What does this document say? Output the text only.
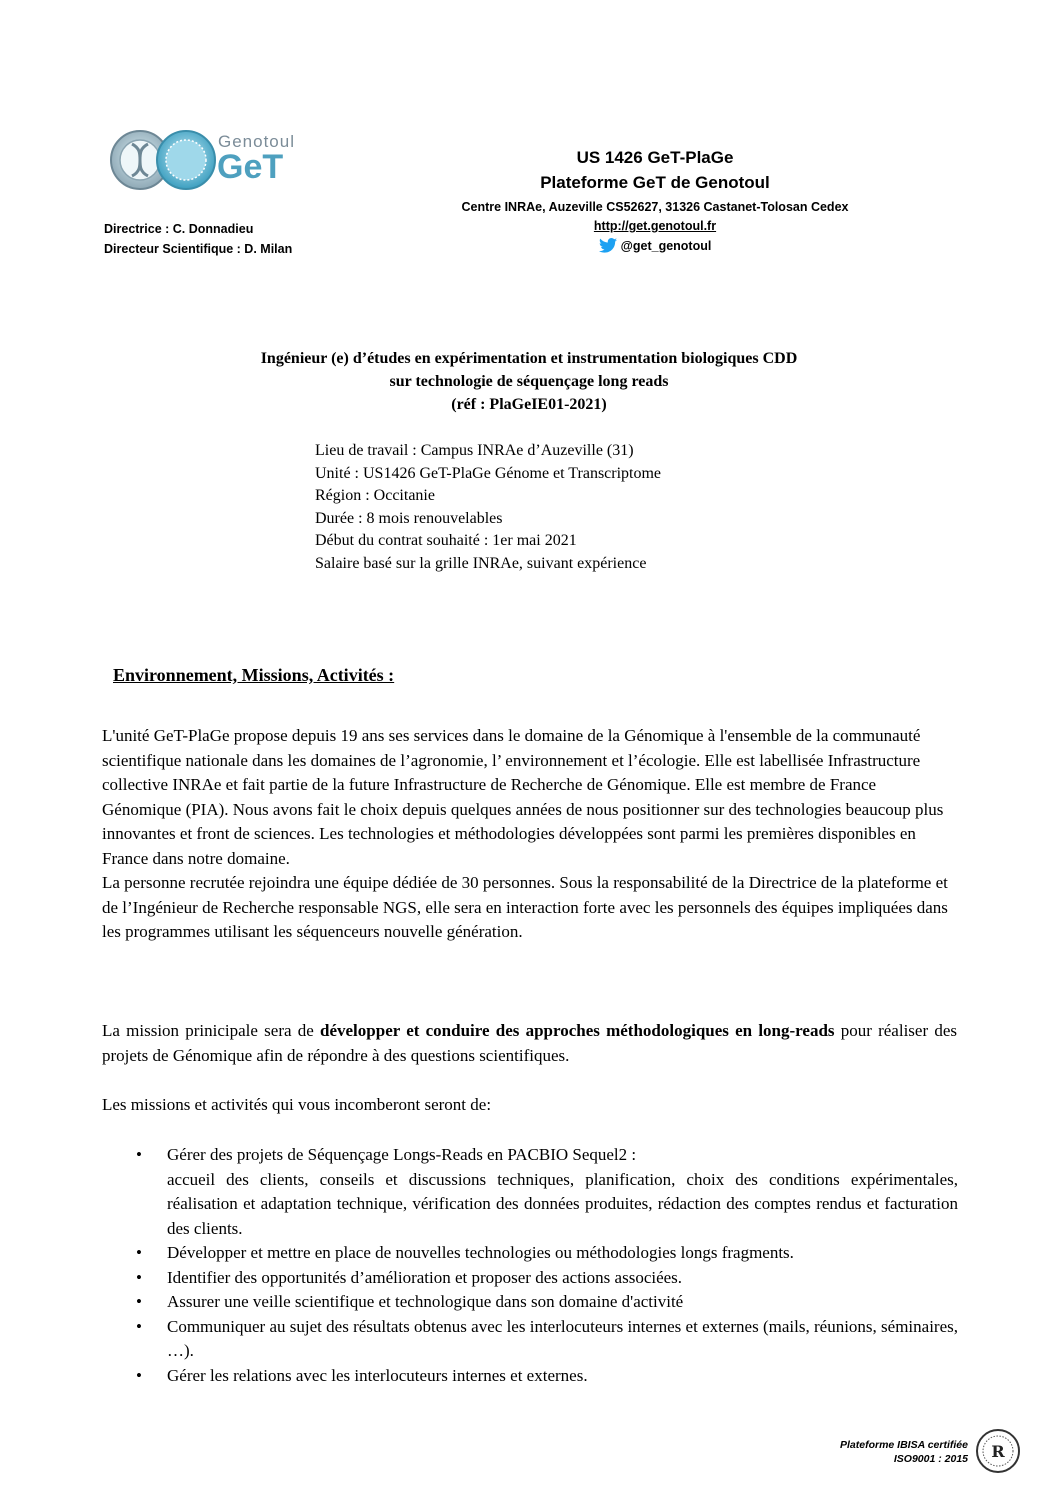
Genotoul
GeT
Directrice : C. Donnadieu
Directeur Scientifique : D. Milan
US 1426 GeT-PlaGe
Plateforme GeT de Genotoul
Centre INRAe, Auzeville CS52627, 31326 Castanet-Tolosan Cedex
http://get.genotoul.fr
@get_genotoul
Ingénieur (e) d’études en expérimentation et instrumentation biologiques CDD
sur technologie de séquençage long reads
(réf : PlaGeIE01-2021)
Lieu de travail : Campus INRAe d’Auzeville (31)
Unité : US1426 GeT-PlaGe Génome et Transcriptome
Région : Occitanie
Durée : 8 mois renouvelables
Début du contrat souhaité : 1er mai 2021
Salaire basé sur la grille INRAe, suivant expérience
Environnement, Missions, Activités :

L'unité GeT-PlaGe propose depuis 19 ans ses services dans le domaine de la Génomique à l'ensemble de la communauté scientifique nationale dans les domaines de l’agronomie, l’ environnement et l’écologie. Elle est labellisée Infrastructure collective INRAe et fait partie de la future Infrastructure de Recherche de Génomique. Elle est membre de France Génomique (PIA). Nous avons fait le choix depuis quelques années de nous positionner sur des technologies beaucoup plus innovantes et front de sciences. Les technologies et méthodologies développées sont parmi les premières disponibles en France dans notre domaine.

La personne recrutée rejoindra une équipe dédiée de 30 personnes. Sous la responsabilité de la Directrice de la plateforme et de l’Ingénieur de Recherche responsable NGS, elle sera en interaction forte avec les personnels des équipes impliquées dans les programmes utilisant les séquenceurs nouvelle génération.

La mission prinicipale sera de développer et conduire des approches méthodologiques en long-reads pour réaliser des projets de Génomique afin de répondre à des questions scientifiques.
Les missions et activités qui vous incomberont seront de:
• Gérer des projets de Séquençage Longs-Reads en PACBIO Sequel2 :
accueil des clients, conseils et discussions techniques, planification, choix des conditions expérimentales, réalisation et adaptation technique, vérification des données produites, rédaction des comptes rendus et facturation des clients.
• Développer et mettre en place de nouvelles technologies ou méthodologies longs fragments.
• Identifier des opportunités d’amélioration et proposer des actions associées.
• Assurer une veille scientifique et technologique dans son domaine d'activité
• Communiquer au sujet des résultats obtenus avec les interlocuteurs internes et externes (mails, réunions, séminaires, …).
• Gérer les relations avec les interlocuteurs internes et externes.
Plateforme IBISA certifiée
ISO9001 : 2015 R
